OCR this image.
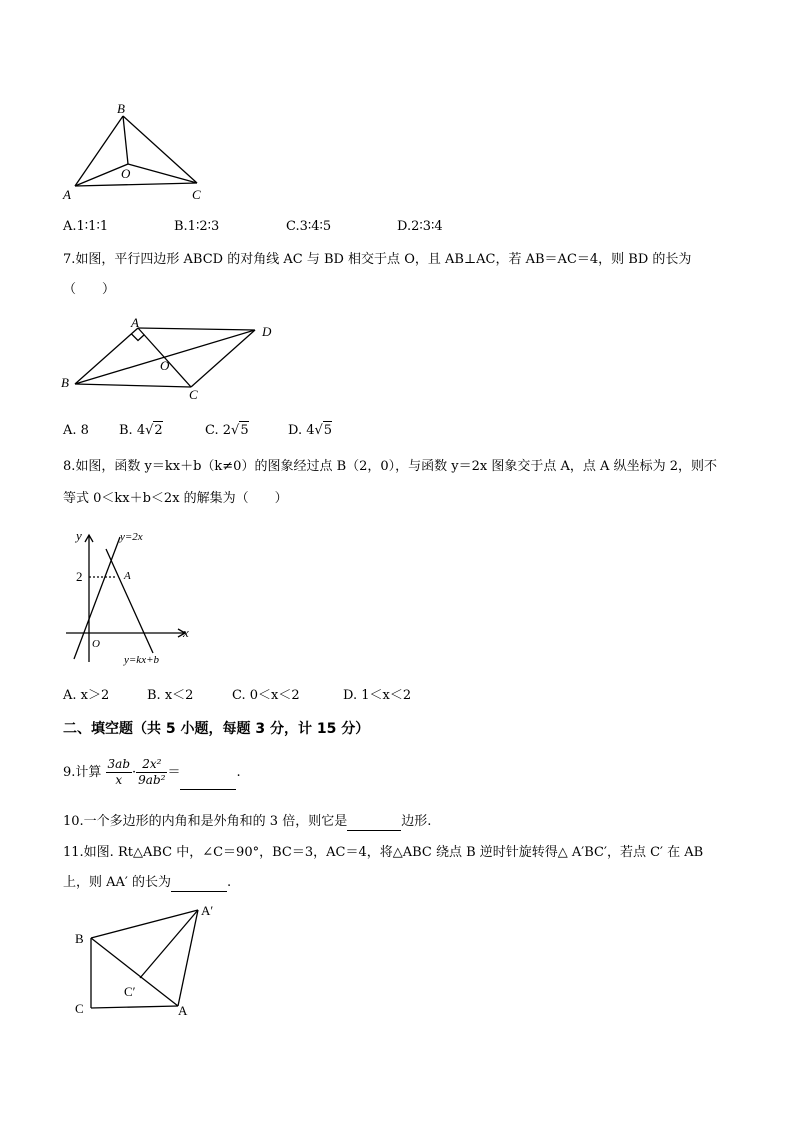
B
O
A	C
A.1∶1∶1	B.1∶2∶3	C.3∶4∶5	D.2∶3∶4
7.如图，平行四边形 ABCD 的对角线 AC 与 BD 相交于点 O，且 AB⊥AC，若 AB＝AC＝4，则 BD 的长为
（　　）
A
D
O
B
C
A. 8 B. 4√2	C. 2√5	D. 4√5
8.如图，函数 y＝kx＋b（k≠0）的图象经过点 B（2，0），与函数 y＝2x 图象交于点 A，点 A 纵坐标为 2，则不
等式 0＜kx＋b＜2x 的解集为（　　）
y	y=2x
2	A
x
O
y=kx+b
A. x＞2	B. x＜2	C. 0＜x＜2	D. 1＜x＜2
二、填空题（共 5 小题，每题 3 分，计 15 分）
9.计算 $\frac{3ab}{x} \cdot \frac{\text{2x²}}{\text{9ab²}}$ ＝	.
10.一个多边形的内角和是外角和的 3 倍，则它是	边形.
11.如图. Rt△ABC 中，∠C＝90°，BC＝3，AC＝4，将△ABC 绕点 B 逆时针旋转得△ A′BC′，若点 C′ 在 AB
上，则 AA′ 的长为	.
A′
B
C′
C	A
